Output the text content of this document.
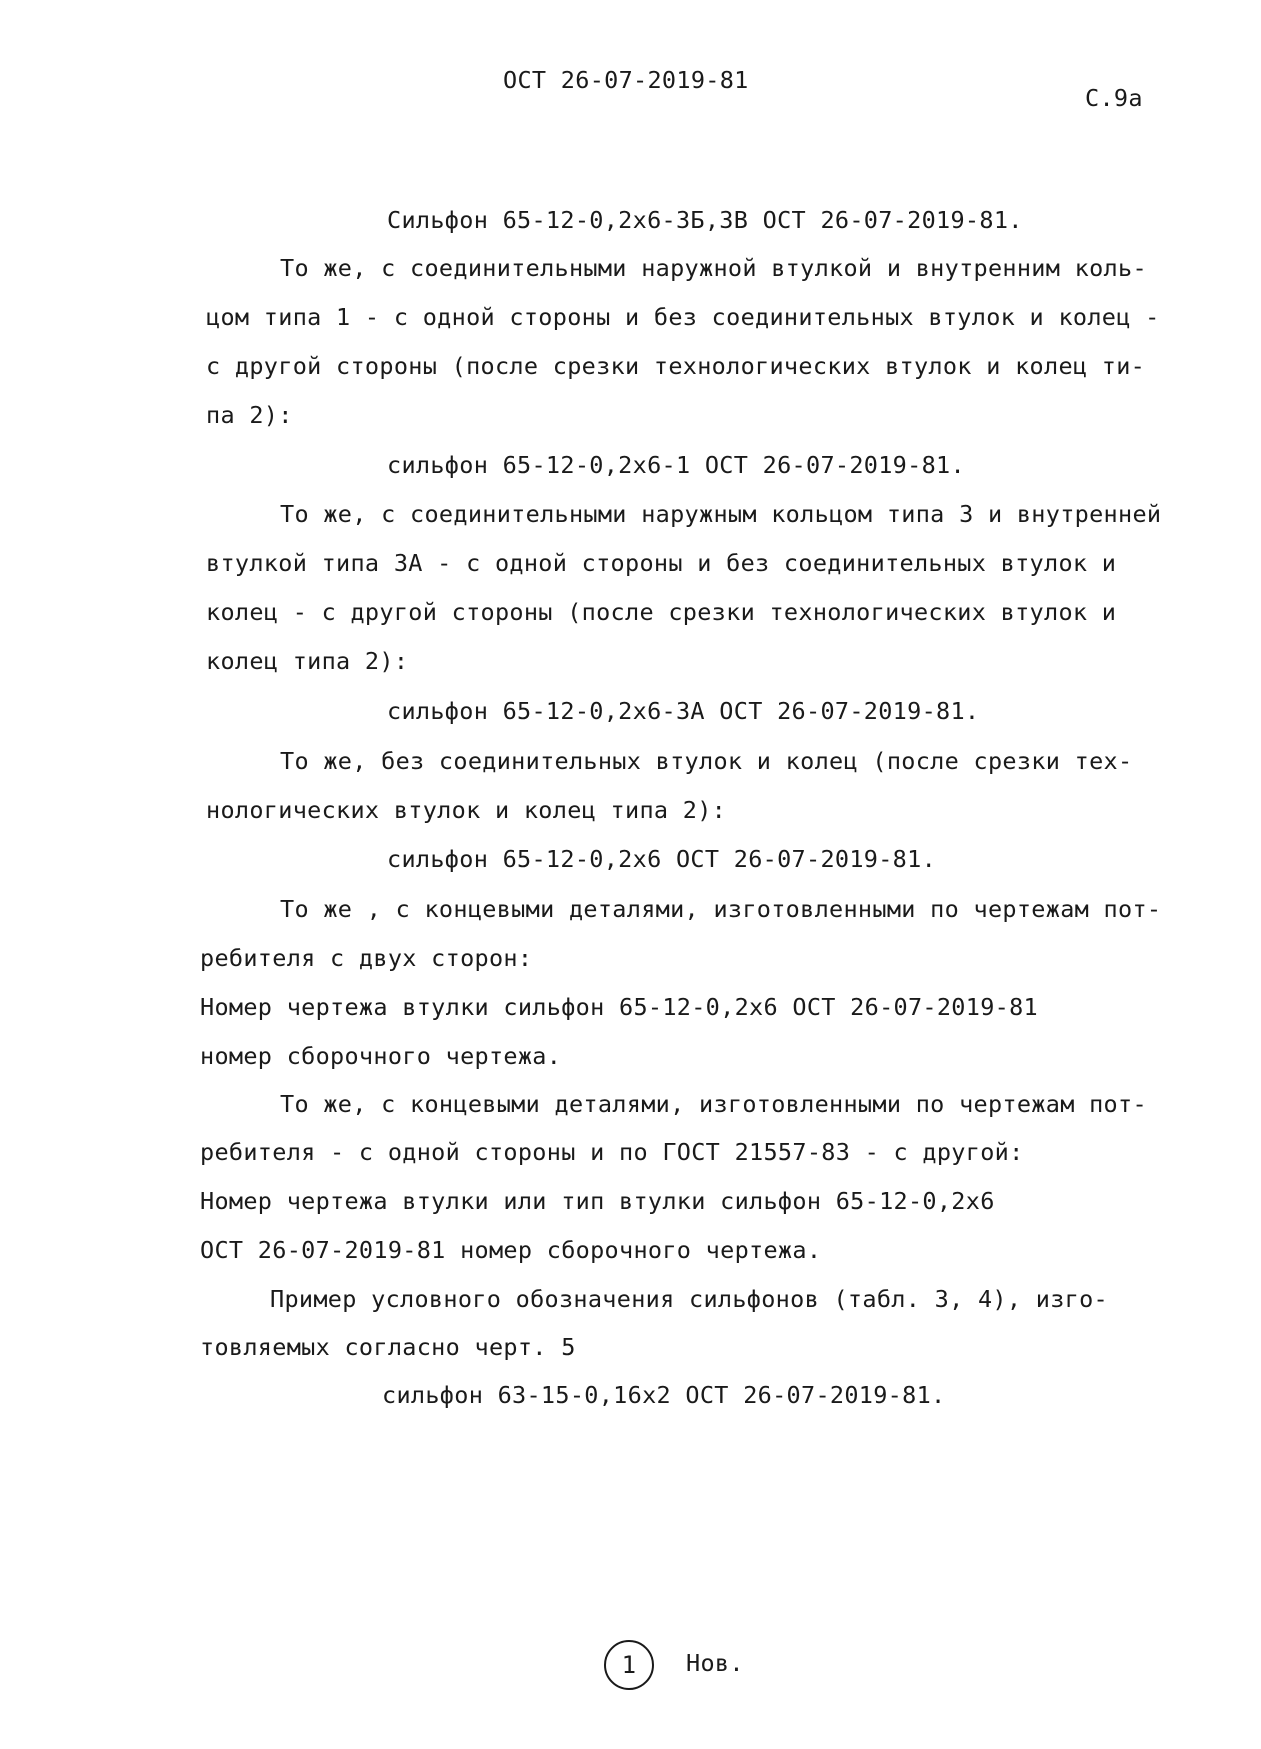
ОСТ 26-07-2019-81
С.9а
Сильфон 65-12-0,2х6-3Б,3В ОСТ 26-07-2019-81.
То же, с соединительными наружной втулкой и внутренним коль-
цом типа 1 - с одной стороны и без соединительных втулок и колец -
с другой стороны (после срезки технологических втулок и колец ти-
па 2):
сильфон 65-12-0,2х6-1 ОСТ 26-07-2019-81.
То же, с соединительными наружным кольцом типа 3 и внутренней
втулкой типа 3А - с одной стороны и без соединительных втулок и
колец - с другой стороны (после срезки технологических втулок и
колец типа 2):
сильфон 65-12-0,2х6-3А ОСТ 26-07-2019-81.
То же, без соединительных втулок и колец (после срезки тех-
нологических втулок и колец типа 2):
сильфон 65-12-0,2х6 ОСТ 26-07-2019-81.
То же , с концевыми деталями, изготовленными по чертежам пот-
ребителя с двух сторон:
Номер чертежа втулки сильфон 65-12-0,2х6 ОСТ 26-07-2019-81
номер сборочного чертежа.
То же, с концевыми деталями, изготовленными по чертежам пот-
ребителя - с одной стороны и по ГОСТ 21557-83 - с другой:
Номер чертежа втулки или тип втулки сильфон 65-12-0,2х6
ОСТ 26-07-2019-81 номер сборочного чертежа.
Пример условного обозначения сильфонов (табл. 3, 4), изго-
товляемых согласно черт. 5
сильфон 63-15-0,16х2 ОСТ 26-07-2019-81.
1	Нов.
